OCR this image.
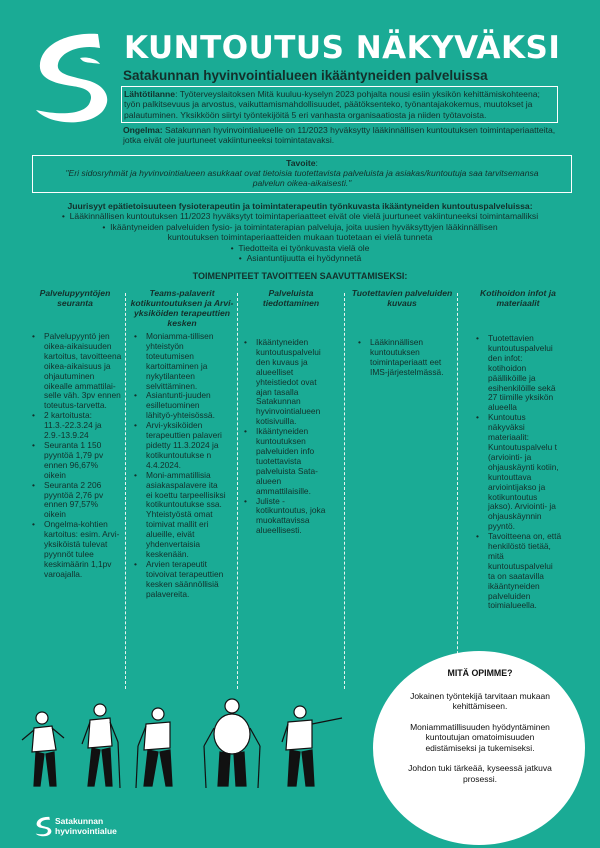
KUNTOUTUS NÄKYVÄKSI
Satakunnan hyvinvointialueen ikääntyneiden palveluissa
Lähtötilanne: Työterveyslaitoksen Mitä kuuluu-kyselyn 2023 pohjalta nousi esiin yksikön kehittämiskohteena; työn palkitsevuus ja arvostus, vaikuttamismahdollisuudet, päätöksenteko, työnantajakokemus, muutokset ja palautuminen. Yksikköön siirtyi työntekijöitä 5 eri vanhasta organisaatiosta ja niiden työtavoista.
Ongelma: Satakunnan hyvinvointialueelle on 11/2023 hyväksytty lääkinnällisen kuntoutuksen toimintaperiaatteita, jotka eivät ole juurtuneet vakiintuneeksi toimintatavaksi.
Tavoite:
"Eri sidosryhmät ja hyvinvointialueen asukkaat ovat tietoisia tuotettavista palveluista ja asiakas/kuntoutuja saa tarvitsemansa palvelun oikea-aikaisesti."
Juurisyyt epätietoisuuteen fysioterapeutin ja toimintaterapeutin työnkuvasta ikääntyneiden kuntoutuspalveluissa:
•  Lääkinnällisen kuntoutuksen 11/2023 hyväksytyt toimintaperiaatteet eivät ole vielä juurtuneet vakiintuneeksi toimintamalliksi
•  Ikääntyneiden palveluiden fysio- ja toimintaterapian palveluja, joita uusien hyväksyttyjen lääkinnällisen kuntoutuksen toimintaperiaatteiden mukaan tuotetaan ei vielä tunneta
•  Tiedotteita ei työnkuvasta vielä ole
•  Asiantuntijuutta ei hyödynnetä
TOIMENPITEET TAVOITTEEN SAAVUTTAMISEKSI:
Palvelupyyntöjen seuranta
• Palvelupyyntö jen oikea-aikaisuuden kartoitus, tavoitteena oikea-aikaisuus ja ohjautuminen oikealle ammattilai-selle väh. 3pv ennen toteutus-tarvetta.
• 2 kartoitusta: 11.3.-22.3.24 ja 2.9.-13.9.24
• Seuranta 1 150 pyyntöä 1,79 pv ennen 96,67% oikein
• Seuranta 2 206 pyyntöä 2,76 pv ennen 97,57% oikein
• Ongelma-kohtien kartoitus: esim. Arvi-yksiköistä tulevat pyynnöt tulee keskimäärin 1,1pv varoajalla.
Teams-palaverit kotikuntoutuksen ja Arvi-yksiköiden terapeuttien kesken
• Moniamma-tillisen yhteistyön toteutumisen kartoittaminen ja nykytilanteen selvittäminen.
• Asiantunti-juuden esilletuominen lähityö-yhteisössä.
• Arvi-yksiköiden terapeuttien palaveri pidetty 11.3.2024 ja kotikuntoutukse n 4.4.2024.
• Moni-ammatillisia asiakaspalavere ita ei koettu tarpeellisiksi kotikuntoutukse ssa. Yhteistyöstä omat toimivat mallit eri alueille, eivät yhdenvertaisia keskenään.
• Arvien terapeutit toivoivat terapeuttien kesken säännöllisiä palavereita.
Palveluista tiedottaminen
• Ikääntyneiden kuntoutuspalvelui den kuvaus ja alueelliset yhteistiedot ovat ajan tasalla Satakunnan hyvinvointialueen kotisivuilla.
• Ikääntyneiden kuntoutuksen palveluiden info tuotettavista palveluista Sata-alueen ammattilaisille.
• Juliste - kotikuntoutus, joka muokattavissa alueellisesti.
Tuotettavien palveluiden kuvaus
• Lääkinnällisen kuntoutuksen toimintaperiaatt eet IMS-järjestelmässä.
Kotihoidon infot ja materiaalit
• Tuotettavien kuntoutuspalvelui den infot: kotihoidon päälliköille ja esihenkilöille sekä 27 tiimille yksikön alueella
• Kuntoutus näkyväksi materiaalit: Kuntoutuspalvelu t (arviointi- ja ohjauskäynti kotiin, kuntouttava arviointijakso ja kotikuntoutus jakso). Arviointi- ja ohjauskäynnin pyyntö.
• Tavoitteena on, että henkilöstö tietää, mitä kuntoutuspalvelui ta on saatavilla ikääntyneiden palveluiden toimialueella.
MITÄ OPIMME?

Jokainen työntekijä tarvitaan mukaan kehittämiseen.

Moniammatillisuuden hyödyntäminen kuntoutujan omatoimisuuden edistämiseksi ja tukemiseksi.

Johdon tuki tärkeää, kyseessä jatkuva prosessi.

Satakunnan
hyvinvointialue
